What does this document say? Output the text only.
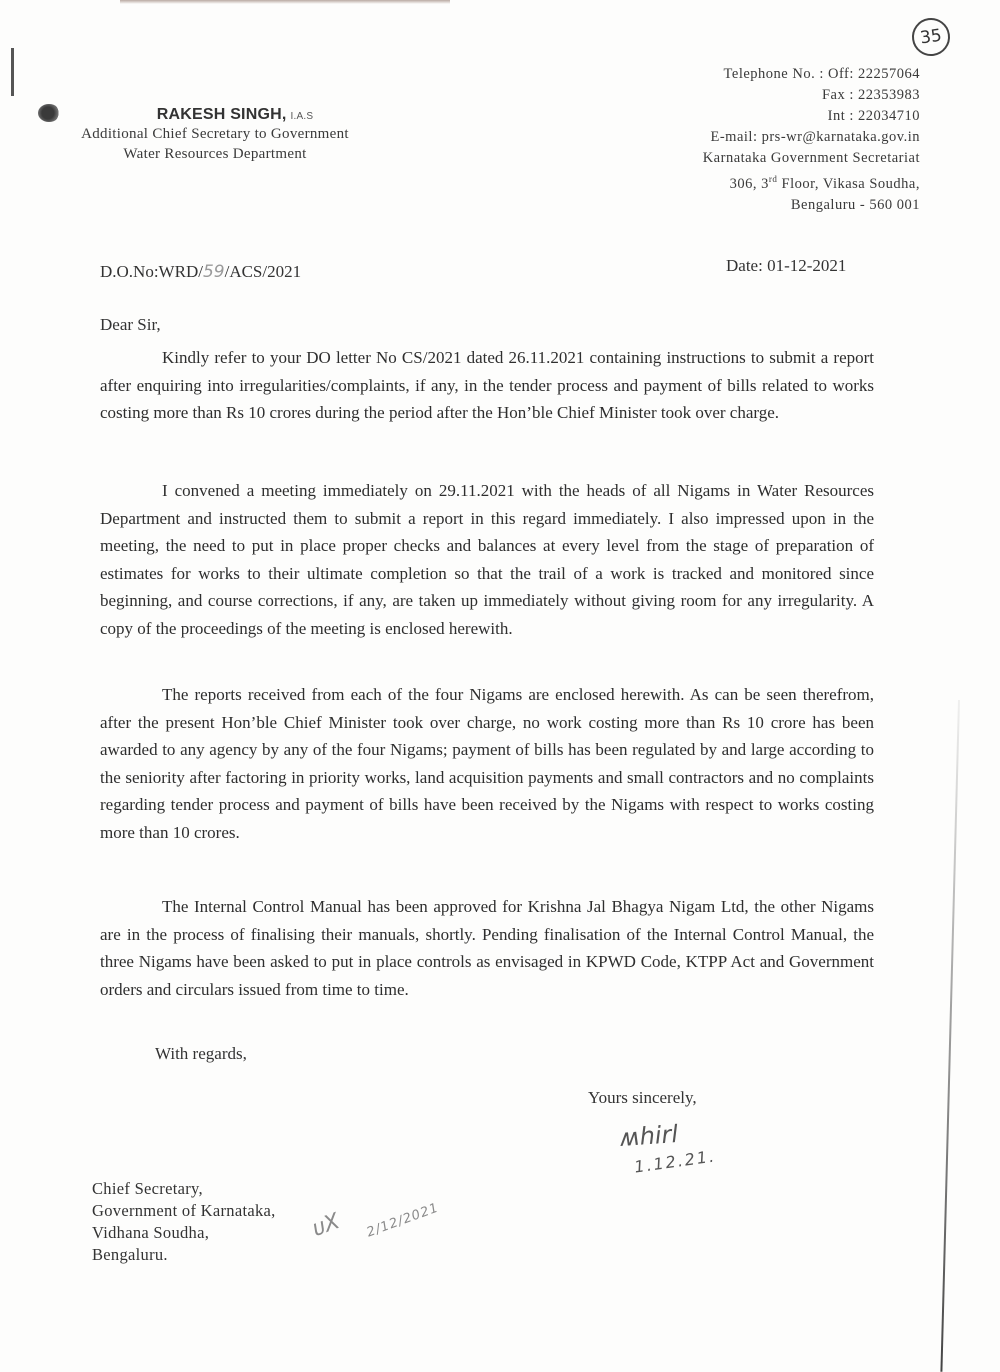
35
RAKESH SINGH, I.A.S
Additional Chief Secretary to Government
Water Resources Department
Telephone No. : Off: 22257064
Fax : 22353983
Int : 22034710
E-mail: prs-wr@karnataka.gov.in
Karnataka Government Secretariat
306, 3rd Floor, Vikasa Soudha,
Bengaluru - 560 001
D.O.No:WRD/59/ACS/2021	Date: 01-12-2021
Dear Sir,
Kindly refer to your DO letter No CS/2021 dated 26.11.2021 containing instructions to submit a report after enquiring into irregularities/complaints, if any, in the tender process and payment of bills related to works costing more than Rs 10 crores during the period after the Hon’ble Chief Minister took over charge.
I convened a meeting immediately on 29.11.2021 with the heads of all Nigams in Water Resources Department and instructed them to submit a report in this regard immediately. I also impressed upon in the meeting, the need to put in place proper checks and balances at every level from the stage of preparation of estimates for works to their ultimate completion so that the trail of a work is tracked and monitored since beginning, and course corrections, if any, are taken up immediately without giving room for any irregularity. A copy of the proceedings of the meeting is enclosed herewith.
The reports received from each of the four Nigams are enclosed herewith. As can be seen therefrom, after the present Hon’ble Chief Minister took over charge, no work costing more than Rs 10 crore has been awarded to any agency by any of the four Nigams; payment of bills has been regulated by and large according to the seniority after factoring in priority works, land acquisition payments and small contractors and no complaints regarding tender process and payment of bills have been received by the Nigams with respect to works costing more than 10 crores.
The Internal Control Manual has been approved for Krishna Jal Bhagya Nigam Ltd, the other Nigams are in the process of finalising their manuals, shortly. Pending finalisation of the Internal Control Manual, the three Nigams have been asked to put in place controls as envisaged in KPWD Code, KTPP Act and Government orders and circulars issued from time to time.
With regards,
Yours sincerely,
ʍhirl
1.12.21.
Chief Secretary,
Government of Karnataka,
Vidhana Soudha,
Bengaluru.
ᴜX 2/12/2021
